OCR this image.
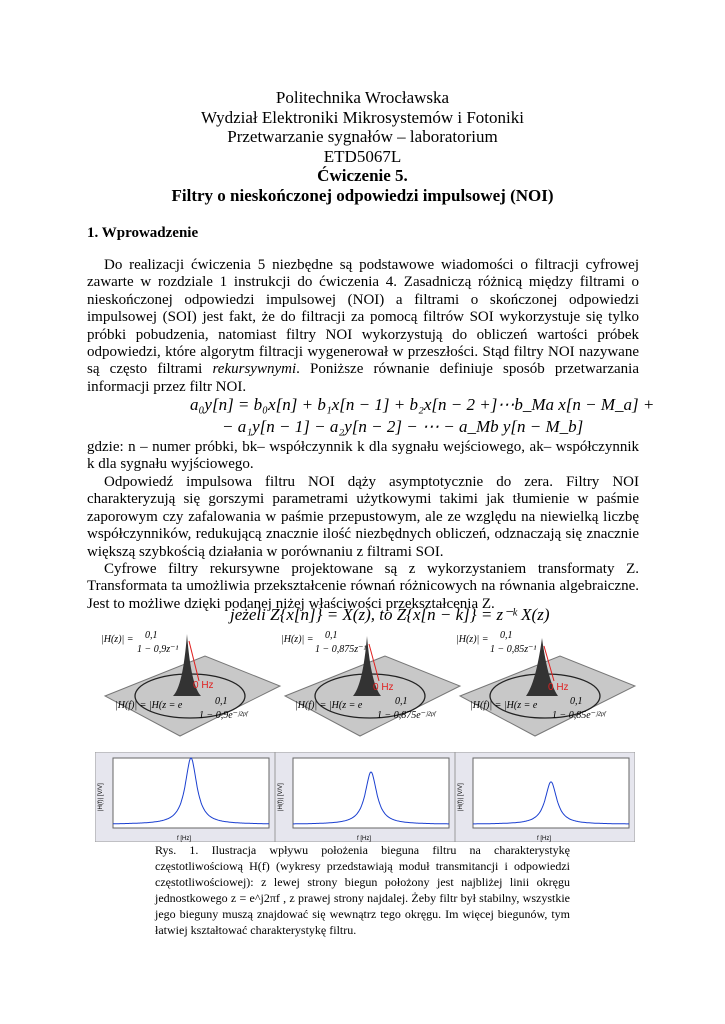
Politechnika Wrocławska
Wydział Elektroniki Mikrosystemów i Fotoniki
Przetwarzanie sygnałów – laboratorium
ETD5067L
Ćwiczenie 5.
Filtry o nieskończonej odpowiedzi impulsowej (NOI)
1. Wprowadzenie
Do realizacji ćwiczenia 5 niezbędne są podstawowe wiadomości o filtracji cyfrowej zawarte w rozdziale 1 instrukcji do ćwiczenia 4. Zasadniczą różnicą między filtrami o nieskończonej odpowiedzi impulsowej (NOI) a filtrami o skończonej odpowiedzi impulsowej (SOI) jest fakt, że do filtracji za pomocą filtrów SOI wykorzystuje się tylko próbki pobudzenia, natomiast filtry NOI wykorzystują do obliczeń wartości próbek odpowiedzi, które algorytm filtracji wygenerował w przeszłości. Stąd filtry NOI nazywane są często filtrami rekursywnymi. Poniższe równanie definiuje sposób przetwarzania informacji przez filtr NOI.
a₀y[n] = b₀x[n] + b₁x[n − 1] + b₂x[n − 2 +]⋯b_Ma x[n − M_a] +
− a₁y[n − 1] − a₂y[n − 2] − ⋯ − a_Mb y[n − M_b]
gdzie: n – numer próbki, bk– współczynnik k dla sygnału wejściowego, ak– współczynnik k dla sygnału wyjściowego.
Odpowiedź impulsowa filtru NOI dąży asymptotycznie do zera. Filtry NOI charakteryzują się gorszymi parametrami użytkowymi takimi jak tłumienie w paśmie zaporowym czy zafalowania w paśmie przepustowym, ale ze względu na niewielką liczbę współczynników, redukującą znacznie ilość niezbędnych obliczeń, odznaczają się znacznie większą szybkością działania w porównaniu z filtrami SOI.
Cyfrowe filtry rekursywne projektowane są z wykorzystaniem transformaty Z. Transformata ta umożliwia przekształcenie równań różnicowych na równania algebraiczne. Jest to możliwe dzięki podanej niżej właściwości przekształcenia Z.
jeżeli Z{x[n]} = X(z), to Z{x[n − k]} = z⁻ᵏ X(z)
0 Hz
|H(z)| = 0,1
1 − 0,9z⁻¹
|H(f)| = |H(z = e	0,1
1 − 0,9e⁻ʲ²ᵖᶠ
0 Hz
|H(z)| = 0,1
1 − 0,875z⁻¹
|H(f)| = |H(z = e	0,1
1 − 0,875e⁻ʲ²ᵖᶠ
0 Hz
|H(z)| = 0,1
1 − 0,85z⁻¹
|H(f)| = |H(z = e	0,1
1 − 0,85e⁻ʲ²ᵖᶠ
f [Hz]
|H(f)| [V/V]
f [Hz]
|H(f)| [V/V]
f [Hz]
|H(f)| [V/V]
Rys. 1. Ilustracja wpływu położenia bieguna filtru na charakterystykę częstotliwościową H(f) (wykresy przedstawiają moduł transmitancji i odpowiedzi częstotliwościowej): z lewej strony biegun położony jest najbliżej linii okręgu jednostkowego z = e^j2πf , z prawej strony najdalej. Żeby filtr był stabilny, wszystkie jego bieguny muszą znajdować się wewnątrz tego okręgu. Im więcej biegunów, tym łatwiej kształtować charakterystykę filtru.
